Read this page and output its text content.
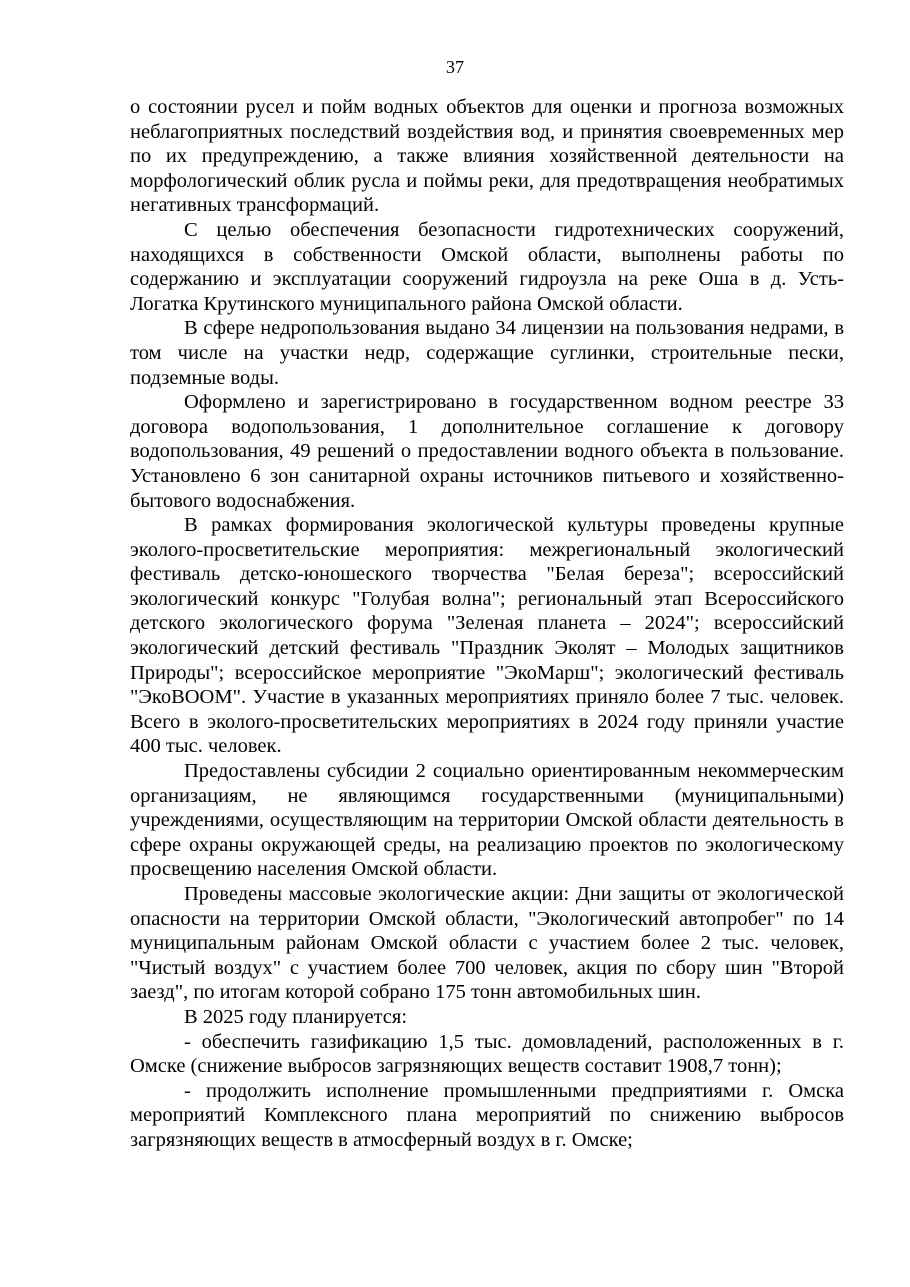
37

о состоянии русел и пойм водных объектов для оценки и прогноза возможных неблагоприятных последствий воздействия вод, и принятия своевременных мер по их предупреждению, а также влияния хозяйственной деятельности на морфологический облик русла и поймы реки, для предотвращения необратимых негативных трансформаций.

С целью обеспечения безопасности гидротехнических сооружений, находящихся в собственности Омской области, выполнены работы по содержанию и эксплуатации сооружений гидроузла на реке Оша в д. Усть-Логатка Крутинского муниципального района Омской области.

В сфере недропользования выдано 34 лицензии на пользования недрами, в том числе на участки недр, содержащие суглинки, строительные пески, подземные воды.

Оформлено и зарегистрировано в государственном водном реестре 33 договора водопользования, 1 дополнительное соглашение к договору водопользования, 49 решений о предоставлении водного объекта в пользование. Установлено 6 зон санитарной охраны источников питьевого и хозяйственно-бытового водоснабжения.

В рамках формирования экологической культуры проведены крупные эколого-просветительские мероприятия: межрегиональный экологический фестиваль детско-юношеского творчества "Белая береза"; всероссийский экологический конкурс "Голубая волна"; региональный этап Всероссийского детского экологического форума "Зеленая планета – 2024"; всероссийский экологический детский фестиваль "Праздник Эколят – Молодых защитников Природы"; всероссийское мероприятие "ЭкоМарш"; экологический фестиваль "ЭкоВООМ". Участие в указанных мероприятиях приняло более 7 тыс. человек. Всего в эколого-просветительских мероприятиях в 2024 году приняли участие 400 тыс. человек.

Предоставлены субсидии 2 социально ориентированным некоммерческим организациям, не являющимся государственными (муниципальными) учреждениями, осуществляющим на территории Омской области деятельность в сфере охраны окружающей среды, на реализацию проектов по экологическому просвещению населения Омской области.

Проведены массовые экологические акции: Дни защиты от экологической опасности на территории Омской области, "Экологический автопробег" по 14 муниципальным районам Омской области с участием более 2 тыс. человек, "Чистый воздух" с участием более 700 человек, акция по сбору шин "Второй заезд", по итогам которой собрано 175 тонн автомобильных шин.

В 2025 году планируется:

- обеспечить газификацию 1,5 тыс. домовладений, расположенных в г. Омске (снижение выбросов загрязняющих веществ составит 1908,7 тонн);

- продолжить исполнение промышленными предприятиями г. Омска мероприятий Комплексного плана мероприятий по снижению выбросов загрязняющих веществ в атмосферный воздух в г. Омске;
